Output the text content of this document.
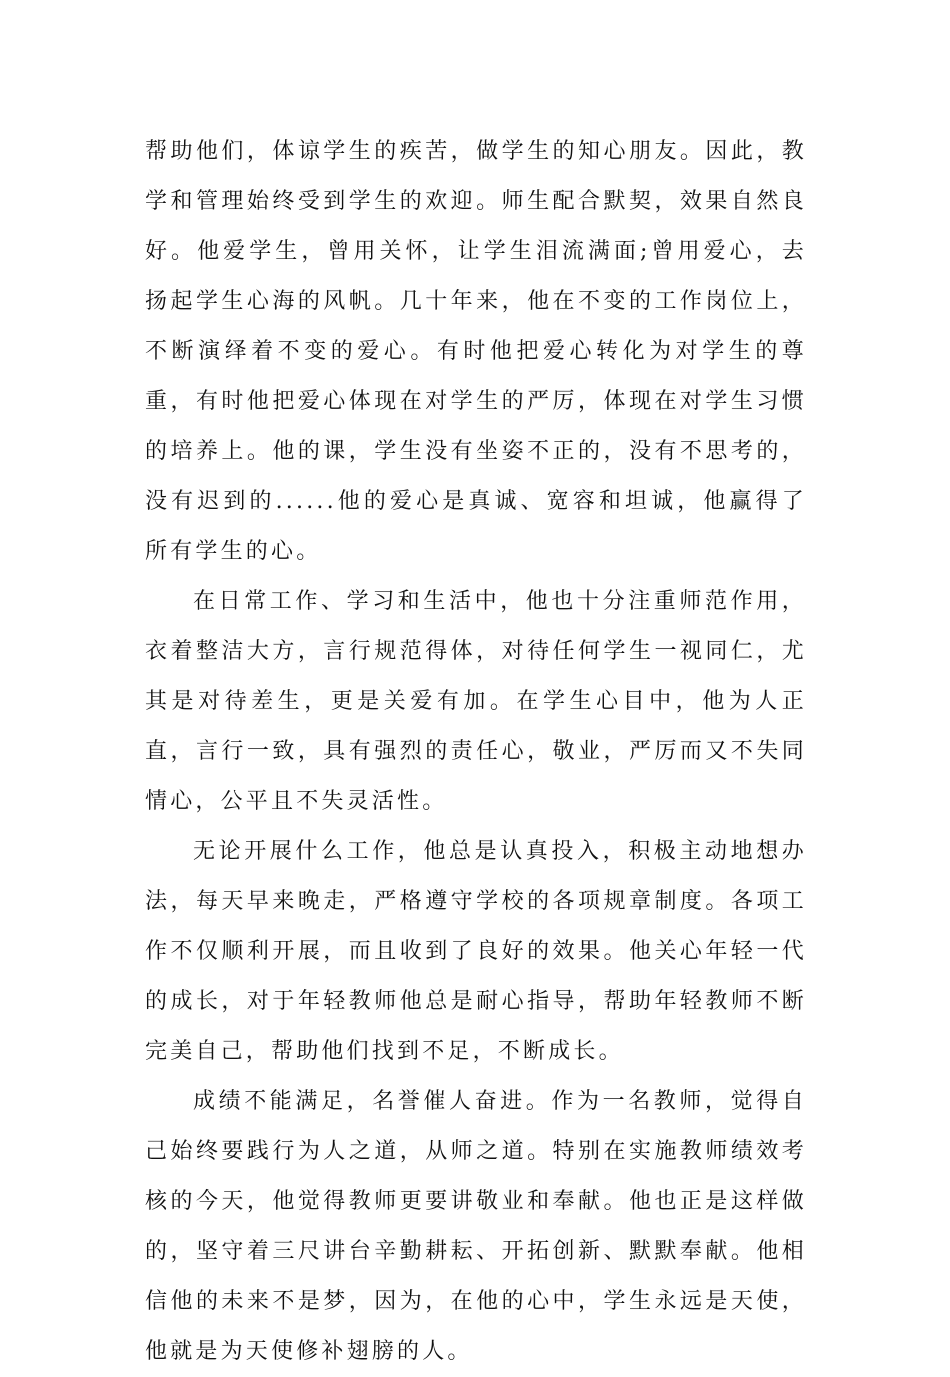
帮助他们，体谅学生的疾苦，做学生的知心朋友。因此，教学和管理始终受到学生的欢迎。师生配合默契，效果自然良好。他爱学生，曾用关怀，让学生泪流满面;曾用爱心，去扬起学生心海的风帆。几十年来，他在不变的工作岗位上，不断演绎着不变的爱心。有时他把爱心转化为对学生的尊重，有时他把爱心体现在对学生的严厉，体现在对学生习惯的培养上。他的课，学生没有坐姿不正的，没有不思考的，没有迟到的......他的爱心是真诚、宽容和坦诚，他赢得了所有学生的心。

在日常工作、学习和生活中，他也十分注重师范作用，衣着整洁大方，言行规范得体，对待任何学生一视同仁，尤其是对待差生，更是关爱有加。在学生心目中，他为人正直，言行一致，具有强烈的责任心，敬业，严厉而又不失同情心，公平且不失灵活性。

无论开展什么工作，他总是认真投入，积极主动地想办法，每天早来晚走，严格遵守学校的各项规章制度。各项工作不仅顺利开展，而且收到了良好的效果。他关心年轻一代的成长，对于年轻教师他总是耐心指导，帮助年轻教师不断完美自己，帮助他们找到不足，不断成长。

成绩不能满足，名誉催人奋进。作为一名教师，觉得自己始终要践行为人之道，从师之道。特别在实施教师绩效考核的今天，他觉得教师更要讲敬业和奉献。他也正是这样做的，坚守着三尺讲台辛勤耕耘、开拓创新、默默奉献。他相信他的未来不是梦，因为，在他的心中，学生永远是天使，他就是为天使修补翅膀的人。
